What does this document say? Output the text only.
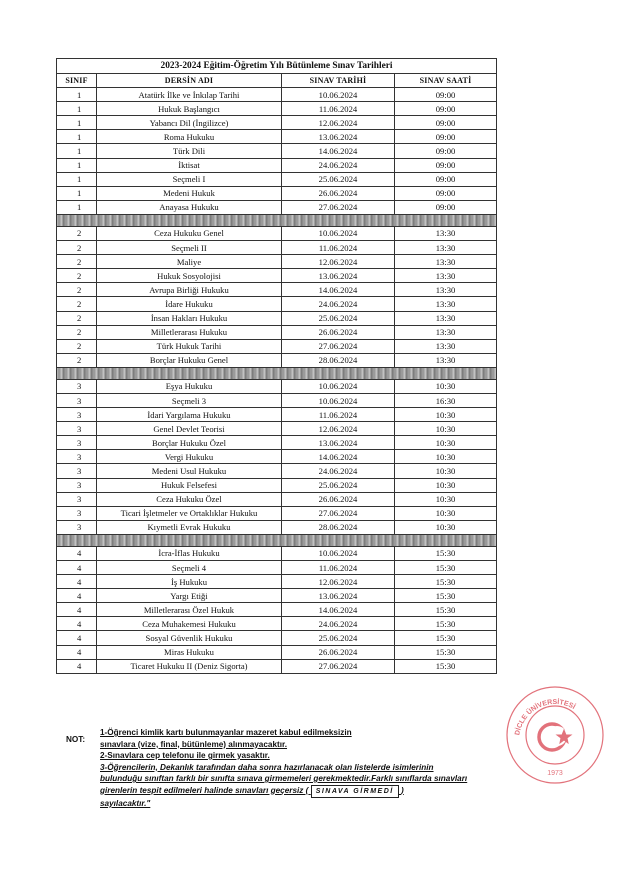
2023-2024 Eğitim-Öğretim Yılı Bütünleme Sınav Tarihleri			
SINIF	DERSİN ADI	SINAV TARİHİ	SINAV SAATİ
1	Atatürk İlke ve İnkılap Tarihi	10.06.2024	09:00
1	Hukuk Başlangıcı	11.06.2024	09:00
1	Yabancı Dil (İngilizce)	12.06.2024	09:00
1	Roma Hukuku	13.06.2024	09:00
1	Türk Dili	14.06.2024	09:00
1	İktisat	24.06.2024	09:00
1	Seçmeli I	25.06.2024	09:00
1	Medeni Hukuk	26.06.2024	09:00
1	Anayasa Hukuku	27.06.2024	09:00

2	Ceza Hukuku Genel	10.06.2024	13:30
2	Seçmeli II	11.06.2024	13:30
2	Maliye	12.06.2024	13:30
2	Hukuk Sosyolojisi	13.06.2024	13:30
2	Avrupa Birliği Hukuku	14.06.2024	13:30
2	İdare Hukuku	24.06.2024	13:30
2	İnsan Hakları Hukuku	25.06.2024	13:30
2	Milletlerarası Hukuku	26.06.2024	13:30
2	Türk Hukuk Tarihi	27.06.2024	13:30
2	Borçlar Hukuku Genel	28.06.2024	13:30

3	Eşya Hukuku	10.06.2024	10:30
3	Seçmeli 3	10.06.2024	16:30
3	İdari Yargılama Hukuku	11.06.2024	10:30
3	Genel Devlet Teorisi	12.06.2024	10:30
3	Borçlar Hukuku Özel	13.06.2024	10:30
3	Vergi Hukuku	14.06.2024	10:30
3	Medeni Usul Hukuku	24.06.2024	10:30
3	Hukuk Felsefesi	25.06.2024	10:30
3	Ceza Hukuku Özel	26.06.2024	10:30
3	Ticari İşletmeler ve Ortaklıklar Hukuku	27.06.2024	10:30
3	Kıymetli Evrak Hukuku	28.06.2024	10:30

4	İcra-İflas Hukuku	10.06.2024	15:30
4	Seçmeli 4	11.06.2024	15:30
4	İş Hukuku	12.06.2024	15:30
4	Yargı Etiği	13.06.2024	15:30
4	Milletlerarası Özel Hukuk	14.06.2024	15:30
4	Ceza Muhakemesi Hukuku	24.06.2024	15:30
4	Sosyal Güvenlik Hukuku	25.06.2024	15:30
4	Miras Hukuku	26.06.2024	15:30
4	Ticaret Hukuku II (Deniz Sigorta)	27.06.2024	15:30
NOT:
1-Öğrenci kimlik kartı bulunmayanlar mazeret kabul edilmeksizin
sınavlara (vize, final, bütünleme) alınmayacaktır.
2-Sınavlara cep telefonu ile girmek yasaktır.
3-Öğrencilerin, Dekanlık tarafından daha sonra hazırlanacak olan listelerde isimlerinin
bulunduğu sınıftan farklı bir sınıfta sınava girmemeleri gerekmektedir.Farklı sınıflarda sınavları
girenlerin tespit edilmeleri halinde sınavları geçersiz ( SINAVA GİRMEDİ )
sayılacaktır."
DİCLE ÜNİVERSİTESİ
1973
